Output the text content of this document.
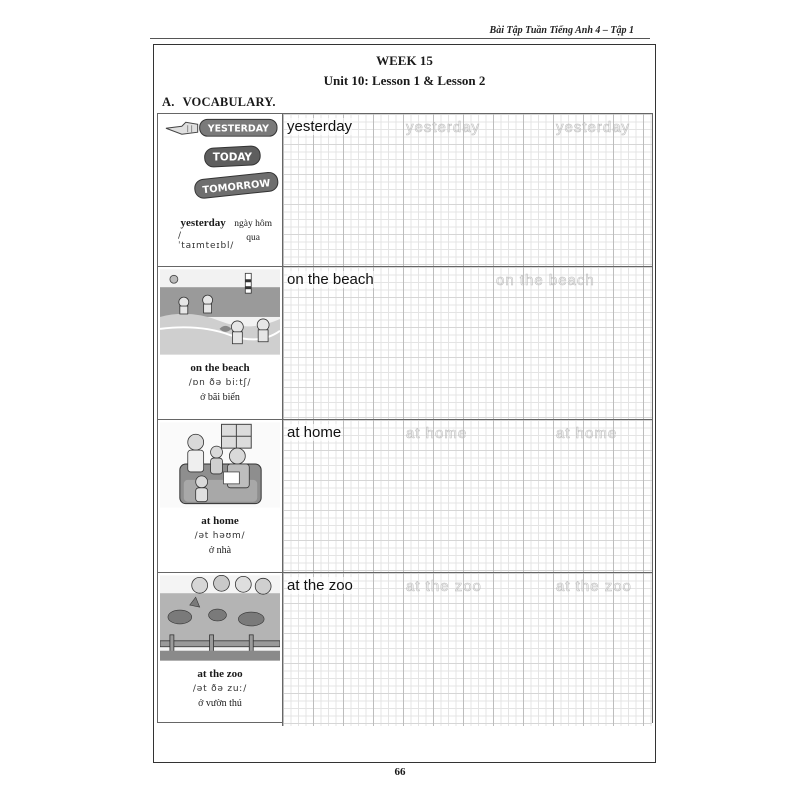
Bài Tập Tuần Tiếng Anh 4 – Tập 1
WEEK 15
Unit 10: Lesson 1 & Lesson 2
A. VOCABULARY.
YESTERDAY
TODAY
TOMORROW
yesterday
/ˈtaɪmteɪbl/
ngày hôm qua
yesterday	yesterday	yesterday
on the beach
/ɒn ðə biːtʃ/
ở bãi biển
on the beach	on the beach
at home
/ət həʊm/
ở nhà
at home	at home	at home
at the zoo
/ət ðə zuː/
ở vườn thú
at the zoo	at the zoo	at the zoo
66
